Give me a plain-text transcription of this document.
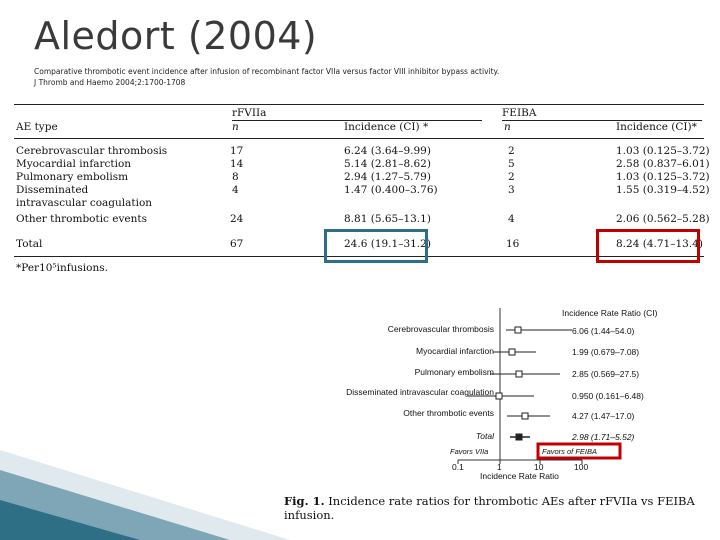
Aledort (2004)
Comparative thrombotic event incidence after infusion of recombinant factor VIIa versus factor VIII inhibitor bypass activity.
J Thromb and Haemo 2004;2:1700-1708
rFVIIa	FEIBA
AE type	n	Incidence (CI) *	n	Incidence (CI)*
Cerebrovascular thrombosis	17	6.24 (3.64–9.99)	2	1.03 (0.125–3.72)
Myocardial infarction	14	5.14 (2.81–8.62)	5	2.58 (0.837–6.01)
Pulmonary embolism	8	2.94 (1.27–5.79)	2	1.03 (0.125–3.72)
Disseminated	4	1.47 (0.400–3.76)	3	1.55 (0.319–4.52)
intravascular coagulation
Other thrombotic events	24	8.81 (5.65–13.1)	4	2.06 (0.562–5.28)
Total	67	24.6 (19.1–31.2)	16	8.24 (4.71–13.4)
*Per10⁵infusions.
Incidence Rate Ratio (CI)
Cerebrovascular thrombosis	6.06 (1.44–54.0)
Myocardial infarction	1.99 (0.679–7.08)
Pulmonary embolism	2.85 (0.569–27.5)
Disseminated intravascular coagulation	0.950 (0.161–6.48)
Other thrombotic events	4.27 (1.47–17.0)
Total	2.98 (1.71–5.52)
Favors VIIa	Favors of FEIBA
0.1	1	10	100
Incidence Rate Ratio
Fig. 1. Incidence rate ratios for thrombotic AEs after rFVIIa vs FEIBA infusion.
